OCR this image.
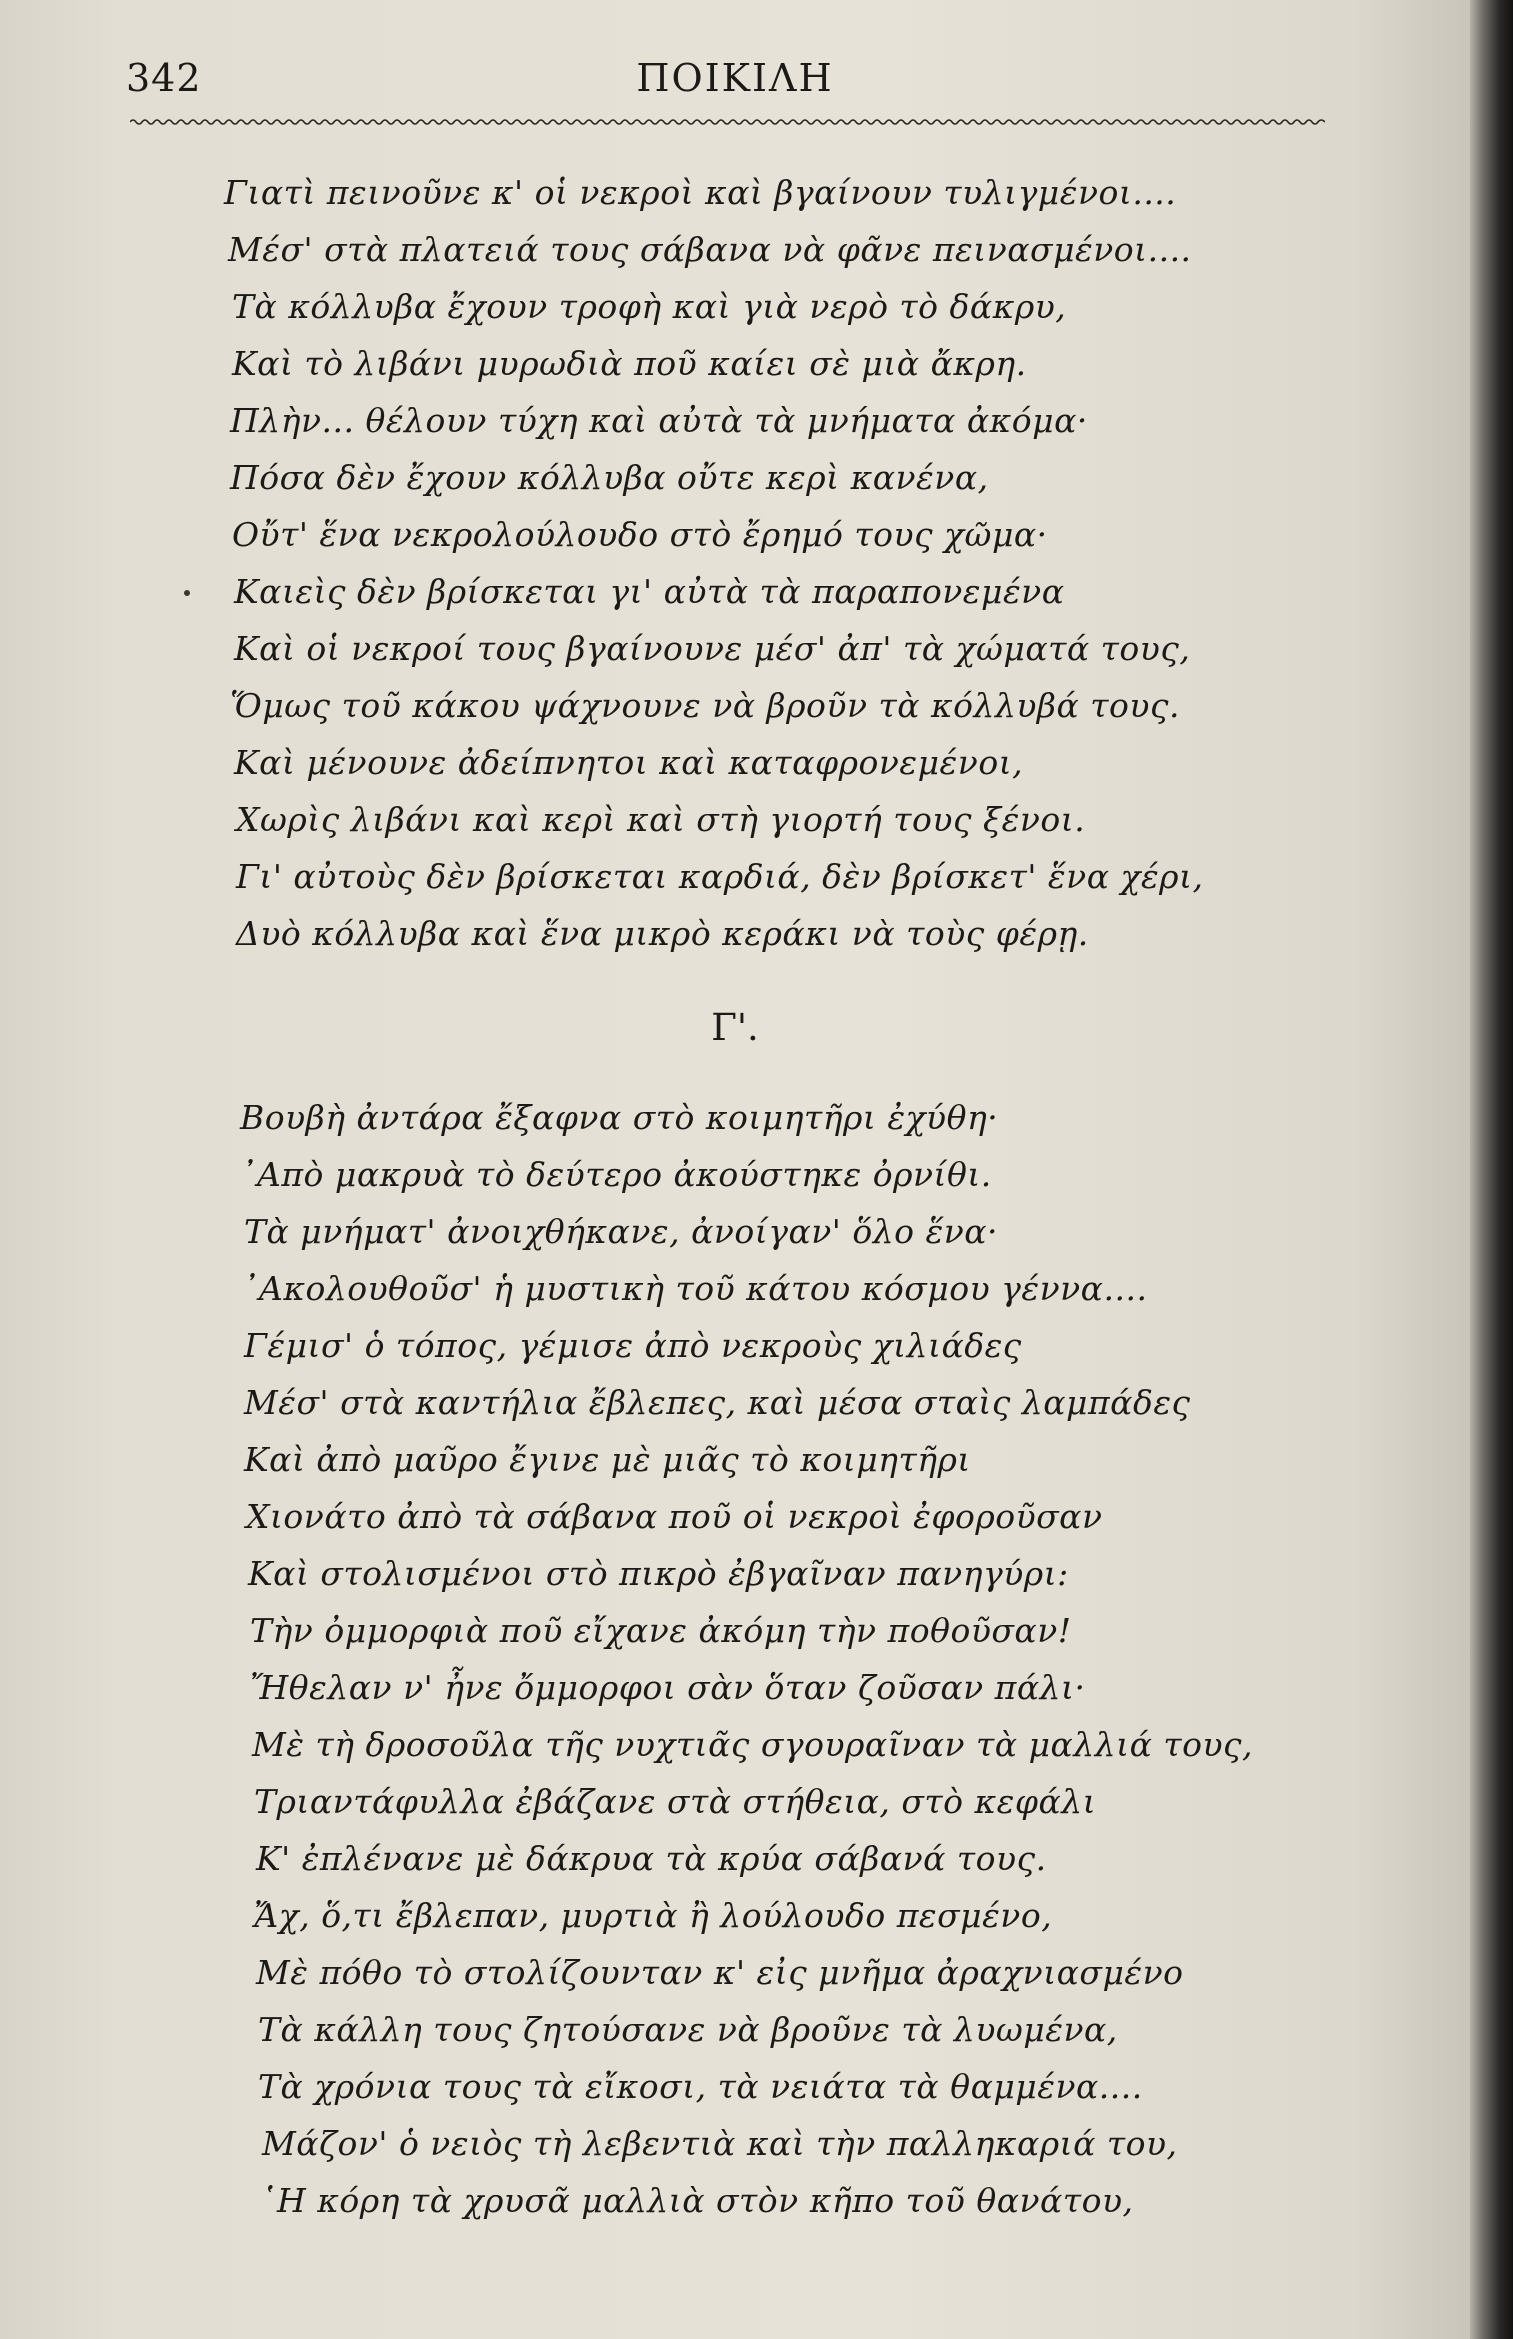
342	ΠΟΙΚΙΛΗ
Γιατὶ πεινοῦνε κ' οἱ νεκροὶ καὶ βγαίνουν τυλιγμένοι....
Μέσ' στὰ πλατειά τους σάβανα νὰ φᾶνε πεινασμένοι....
Τὰ κόλλυβα ἔχουν τροφὴ καὶ γιὰ νερὸ τὸ δάκρυ,
Καὶ τὸ λιβάνι μυρωδιὰ ποῦ καίει σὲ μιὰ ἄκρη.
Πλὴν... θέλουν τύχη καὶ αὐτὰ τὰ μνήματα ἀκόμα·
Πόσα δὲν ἔχουν κόλλυβα οὔτε κερὶ κανένα,
Οὔτ' ἕνα νεκρολούλουδο στὸ ἔρημό τους χῶμα·
Καιεὶς δὲν βρίσκεται γι' αὐτὰ τὰ παραπονεμένα
Καὶ οἱ νεκροί τους βγαίνουνε μέσ' ἀπ' τὰ χώματά τους,
Ὅμως τοῦ κάκου ψάχνουνε νὰ βροῦν τὰ κόλλυβά τους.
Καὶ μένουνε ἀδείπνητοι καὶ καταφρονεμένοι,
Χωρὶς λιβάνι καὶ κερὶ καὶ στὴ γιορτή τους ξένοι.
Γι' αὐτοὺς δὲν βρίσκεται καρδιά, δὲν βρίσκετ' ἕνα χέρι,
Δυὸ κόλλυβα καὶ ἕνα μικρὸ κεράκι νὰ τοὺς φέρῃ.
Γ'.
Βουβὴ ἀντάρα ἔξαφνα στὸ κοιμητῆρι ἐχύθη·
᾿Απὸ μακρυὰ τὸ δεύτερο ἀκούστηκε ὀρνίθι.
Τὰ μνήματ' ἀνοιχθήκανε, ἀνοίγαν' ὅλο ἕνα·
᾿Ακολουθοῦσ' ἡ μυστικὴ τοῦ κάτου κόσμου γέννα....
Γέμισ' ὁ τόπος, γέμισε ἀπὸ νεκροὺς χιλιάδες
Μέσ' στὰ καντήλια ἔβλεπες, καὶ μέσα σταὶς λαμπάδες
Καὶ ἀπὸ μαῦρο ἔγινε μὲ μιᾶς τὸ κοιμητῆρι
Χιονάτο ἀπὸ τὰ σάβανα ποῦ οἱ νεκροὶ ἐφοροῦσαν
Καὶ στολισμένοι στὸ πικρὸ ἐβγαῖναν πανηγύρι:
Τὴν ὀμμορφιὰ ποῦ εἴχανε ἀκόμη τὴν ποθοῦσαν!
Ἤθελαν ν' ἦνε ὄμμορφοι σὰν ὅταν ζοῦσαν πάλι·
Μὲ τὴ δροσοῦλα τῆς νυχτιᾶς σγουραῖναν τὰ μαλλιά τους,
Τριαντάφυλλα ἐβάζανε στὰ στήθεια, στὸ κεφάλι
Κ' ἐπλένανε μὲ δάκρυα τὰ κρύα σάβανά τους.
Ἄχ, ὅ,τι ἔβλεπαν, μυρτιὰ ἢ λούλουδο πεσμένο,
Μὲ πόθο τὸ στολίζουνταν κ' εἰς μνῆμα ἀραχνιασμένο
Τὰ κάλλη τους ζητούσανε νὰ βροῦνε τὰ λυωμένα,
Τὰ χρόνια τους τὰ εἴκοσι, τὰ νειάτα τὰ θαμμένα....
Μάζον' ὁ νειὸς τὴ λεβεντιὰ καὶ τὴν παλληκαριά του,
῾Η κόρη τὰ χρυσᾶ μαλλιὰ στὸν κῆπο τοῦ θανάτου,
